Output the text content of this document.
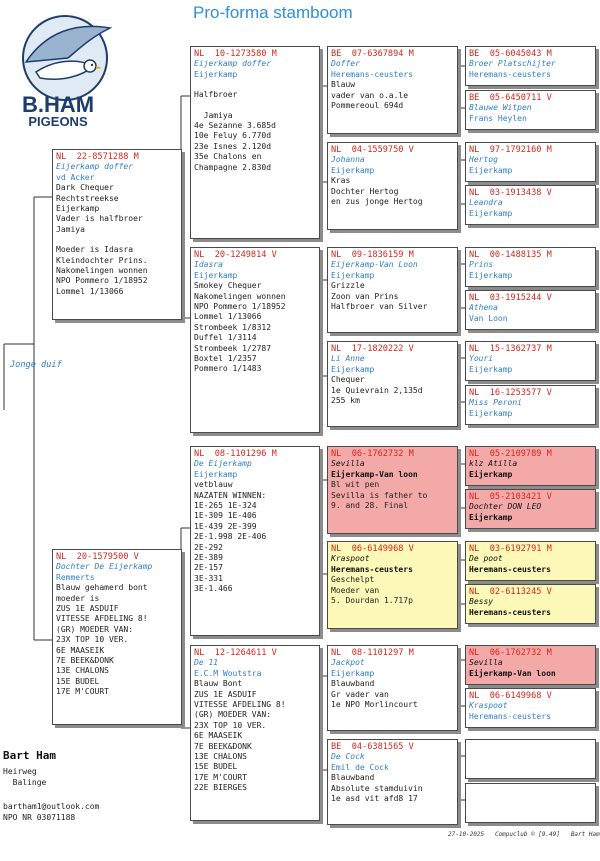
Pro-forma stamboom
B.HAM
PIGEONS
Jonge duif
NL  22-8571288 M
Eijerkamp doffer
vd Acker
Dark Chequer
Rechtstreekse
Eijerkamp
Vader is halfbroer
Jamiya
Moeder is Idasra
Kleindochter Prins.
Nakomelingen wonnen
NPO Pommero 1/18952
Lommel 1/13066
NL  20-1579500 V
Dochter De Eijerkamp
Remmerts
Blauw gehamerd bont
moeder is
ZUS 1E ASDUIF
VITESSE AFDELING 8!
(GR) MOEDER VAN:
23X TOP 10 VER.
6E MAASEIK
7E BEEK&DONK
13E CHALONS
15E BUDEL
17E M'COURT
NL  10-1273580 M
Eijerkamp doffer
Eijerkamp
Halfbroer
Jamiya
4e Sezanne 3.685d
10e Feluy 6.770d
23e Isnes 2.120d
35e Chalons en
Champagne 2.830d
NL  20-1249814 V
Idasra
Eijerkamp
Smokey Chequer
Nakomelingen wonnen
NPO Pommero 1/18952
Lommel 1/13066
Strombeek 1/8312
Duffel 1/3114
Strombeek 1/2787
Boxtel 1/2357
Pommero 1/1483
NL  08-1101296 M
De Eijerkamp
Eijerkamp
vetblauw
NAZATEN WINNEN:
1E-265 1E-324
1E-309 1E-406
1E-439 2E-399
2E-1.998 2E-406
2E-292
2E-389
2E-157
3E-331
3E-1.466
NL  12-1264611 V
De 11
E.C.M Woutstra
Blauw Bont
ZUS 1E ASDUIF
VITESSE AFDELING 8!
(GR) MOEDER VAN:
23X TOP 10 VER.
6E MAASEIK
7E BEEK&DONK
13E CHALONS
15E BUDEL
17E M'COURT
22E BIERGES
BE  07-6367894 M
Doffer
Heremans-ceusters
Blauw
vader van o.a.le
Pommereoul 694d
NL  04-1559750 V
Johanna
Eijerkamp
Kras
Dochter Hertog
en zus jonge Hertog
NL  09-1836159 M
Eijerkamp-Van Loon
Eijerkamp
Grizzle
Zoon van Prins
Halfbroer van Silver
NL  17-1820222 V
Li Anne
Eijerkamp
Chequer
1e Quievrain 2,135d
255 km
NL  06-1762732 M
Sevilla
Eijerkamp-Van loon
Bl wit pen
Sevilla is father to
9. and 28. Final
NL  06-6149968 V
Kraspoot
Heremans-ceusters
Geschelpt
Moeder van
5. Dourdan 1.717p
NL  08-1101297 M
Jackpot
Eijerkamp
Blauwband
Gr vader van
1e NPO Morlincourt
BE  04-6381565 V
De Cock
Emil de Cock
Blauwband
Absolute stamduivin
1e asd vit afd8 17
BE  05-6045043 M
Broer Platschijter
Heremans-ceusters
BE  05-6450711 V
Blauwe Witpen
Frans Heylen
NL  97-1792160 M
Hertog
Eijerkamp
NL  03-1913438 V
Leandra
Eijerkamp
NL  00-1488135 M
Prins
Eijerkamp
NL  03-1915244 V
Athena
Van Loon
NL  15-1362737 M
Youri
Eijerkamp
NL  16-1253577 V
Miss Peroni
Eijerkamp
NL  05-2109789 M
klz Atilla
Eijerkamp
NL  05-2103421 V
Dochter DON LEO
Eijerkamp
NL  03-6192791 M
De poot
Heremans-ceusters
NL  02-6113245 V
Bessy
Heremans-ceusters
NL  06-1762732 M
Sevilla
Eijerkamp-Van loon
NL  06-6149968 V
Kraspoot
Heremans-ceusters
Bart Ham
Heirweg
Balinge
bartham1@outlook.com
NPO NR 03071188
27-10-2025   Compuclub © [9.49]   Bart Ham
